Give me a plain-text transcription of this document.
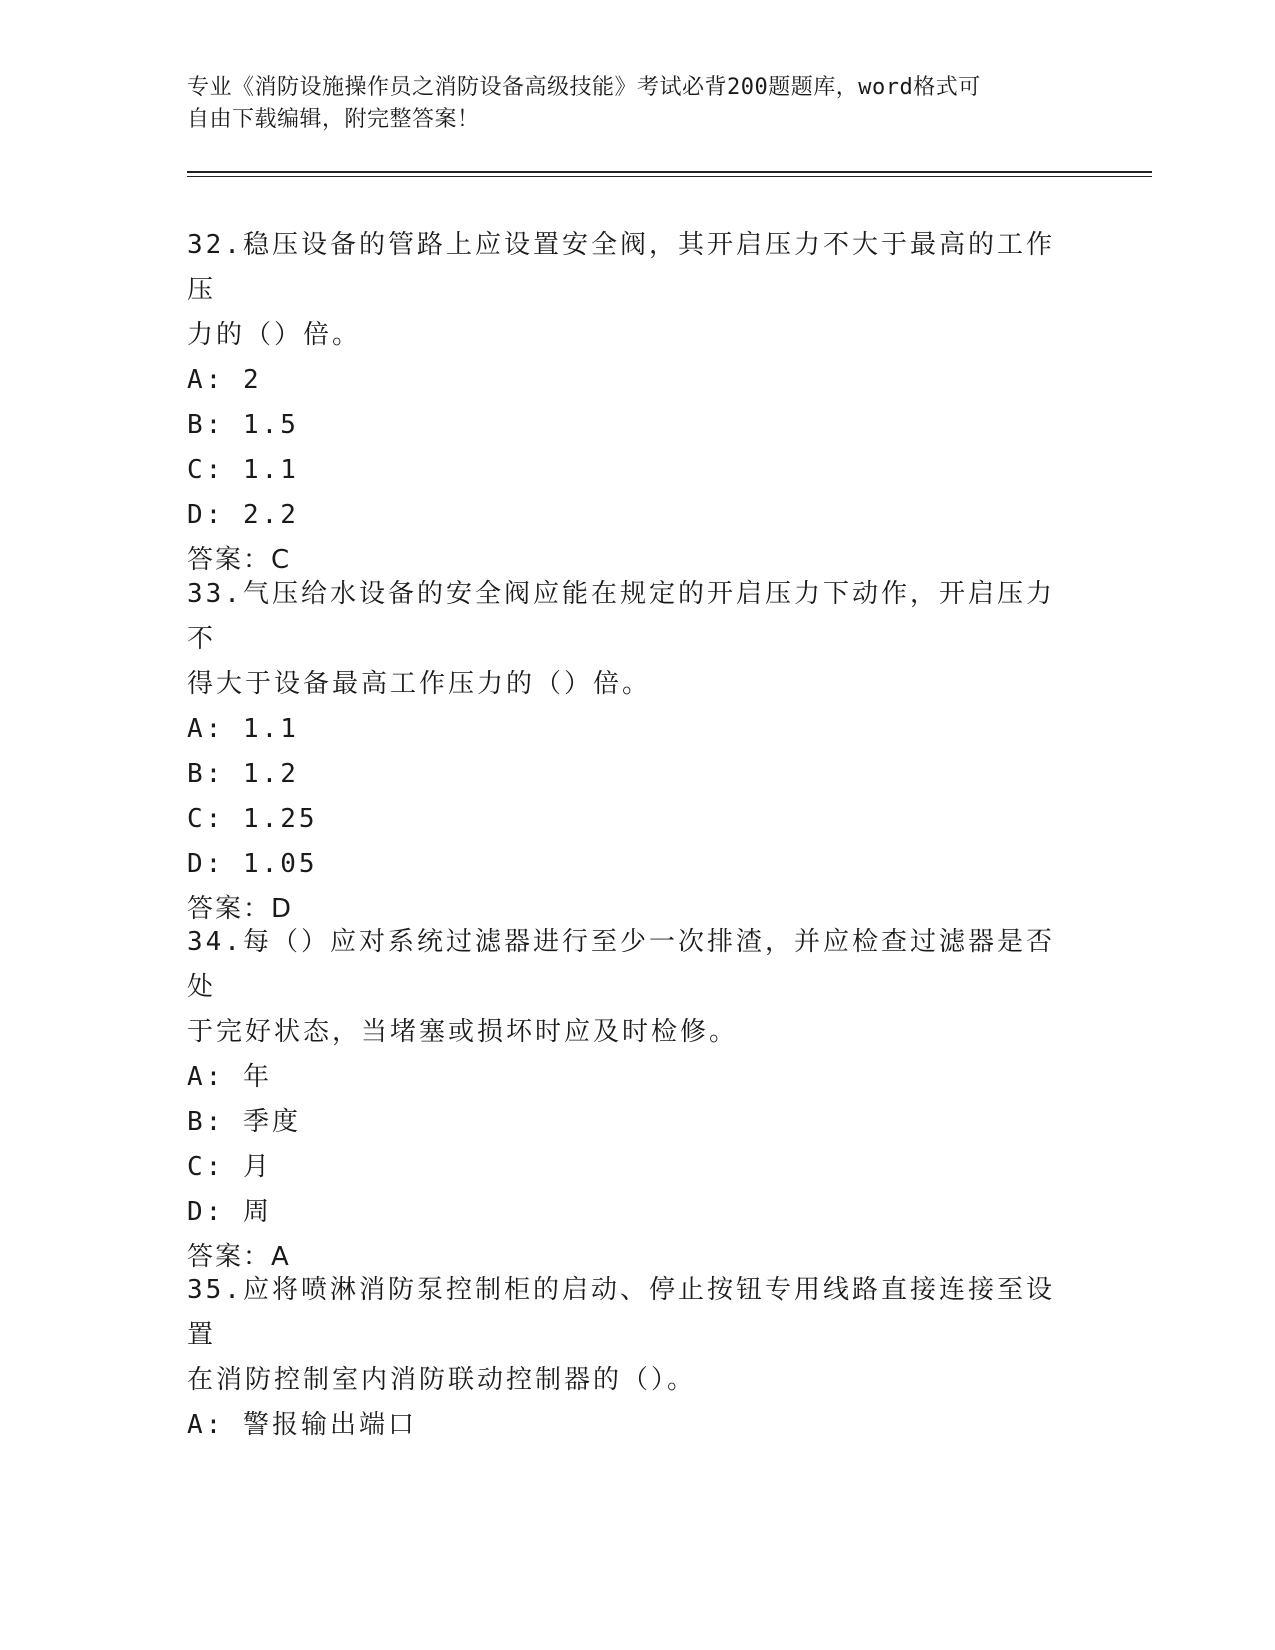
专业《消防设施操作员之消防设备高级技能》考试必背200题题库，word格式可
自由下载编辑，附完整答案！
32.稳压设备的管路上应设置安全阀，其开启压力不大于最高的工作压
力的（）倍。
A: 2
B: 1.5
C: 1.1
D: 2.2
答案：C
33.气压给水设备的安全阀应能在规定的开启压力下动作，开启压力不
得大于设备最高工作压力的（）倍。
A: 1.1
B: 1.2
C: 1.25
D: 1.05
答案：D
34.每（）应对系统过滤器进行至少一次排渣，并应检查过滤器是否处
于完好状态，当堵塞或损坏时应及时检修。
A: 年
B: 季度
C: 月
D: 周
答案：A
35.应将喷淋消防泵控制柜的启动、停止按钮专用线路直接连接至设置
在消防控制室内消防联动控制器的（）。
A: 警报输出端口
